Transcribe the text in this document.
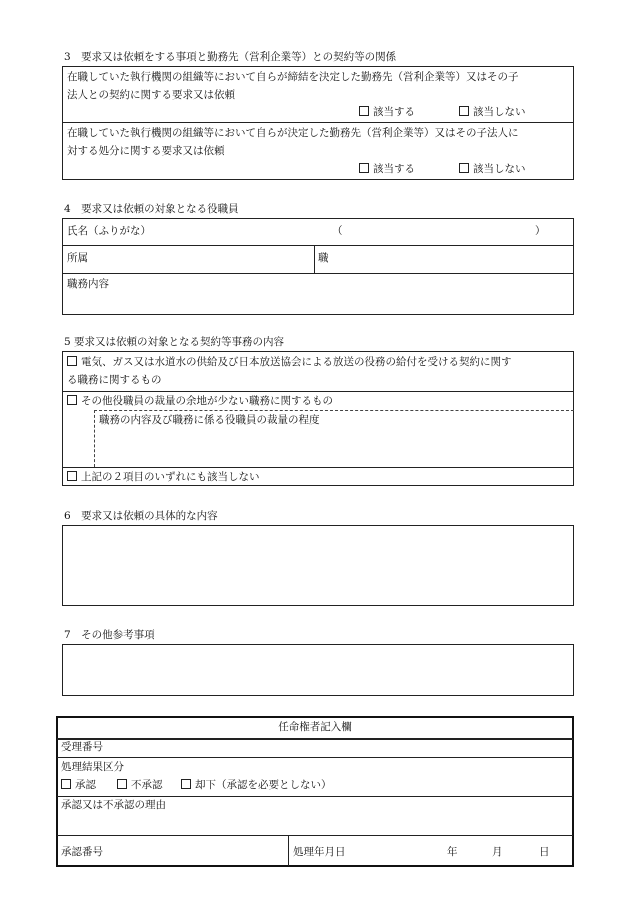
3　要求又は依頼をする事項と勤務先（営利企業等）との契約等の関係
在職していた執行機関の組織等において自らが締結を決定した勤務先（営利企業等）又はその子
法人との契約に関する要求又は依頼
該当する	該当しない
在職していた執行機関の組織等において自らが決定した勤務先（営利企業等）又はその子法人に
対する処分に関する要求又は依頼
該当する	該当しない
4　要求又は依頼の対象となる役職員
氏名（ふりがな）	（	）
所属	職
職務内容
5 要求又は依頼の対象となる契約等事務の内容
電気、ガス又は水道水の供給及び日本放送協会による放送の役務の給付を受ける契約に関す
る職務に関するもの
その他役職員の裁量の余地が少ない職務に関するもの
職務の内容及び職務に係る役職員の裁量の程度
上記の２項目のいずれにも該当しない
6　要求又は依頼の具体的な内容
7　その他参考事項
任命権者記入欄
受理番号
処理結果区分
承認	不承認	却下（承認を必要としない）
承認又は不承認の理由
承認番号	処理年月日	年	月	日
